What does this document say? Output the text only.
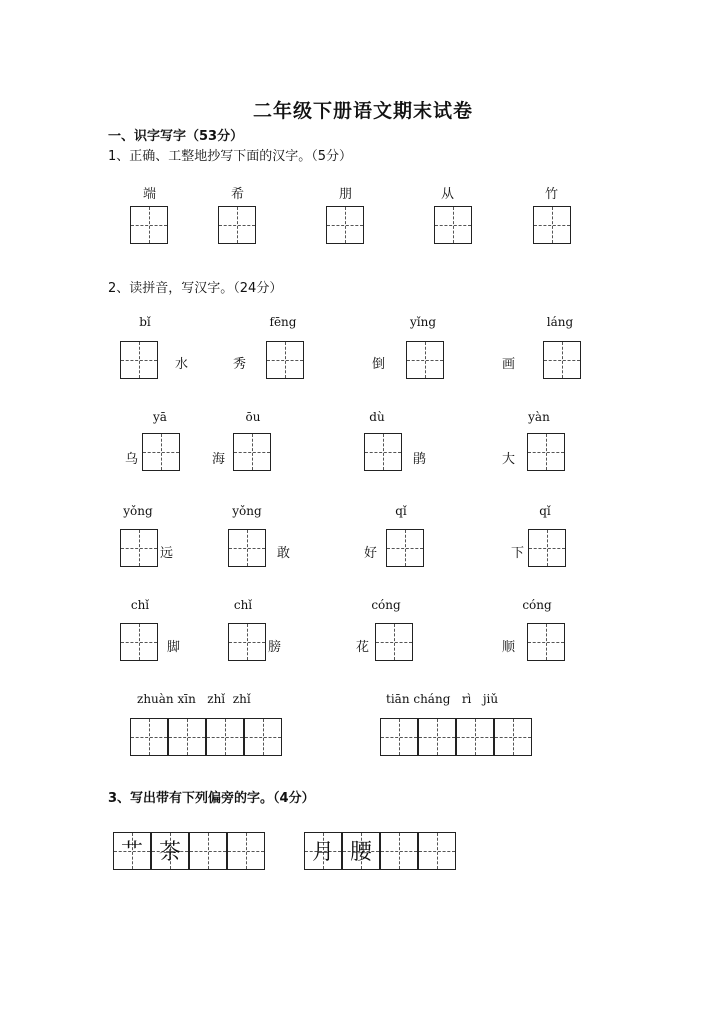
二年级下册语文期末试卷
一、识字写字（53分）
1、正确、工整地抄写下面的汉字。（5分）
端	希	朋	从	竹
2、读拼音，写汉字。（24分）
bǐ	fēng	yǐng	láng
水	秀	倒	画
yā	ōu	dù	yàn
乌	海	鹃	大
yǒng	yǒng	qǐ	qǐ
远	敢	好	下
chǐ	chǐ	cóng	cóng
脚	膀	花	顺
zhuàn xīn   zhǐ  zhǐ	tiān cháng   rì   jiǔ
3、写出带有下列偏旁的字。（4分）
艹 茶	月 腰
